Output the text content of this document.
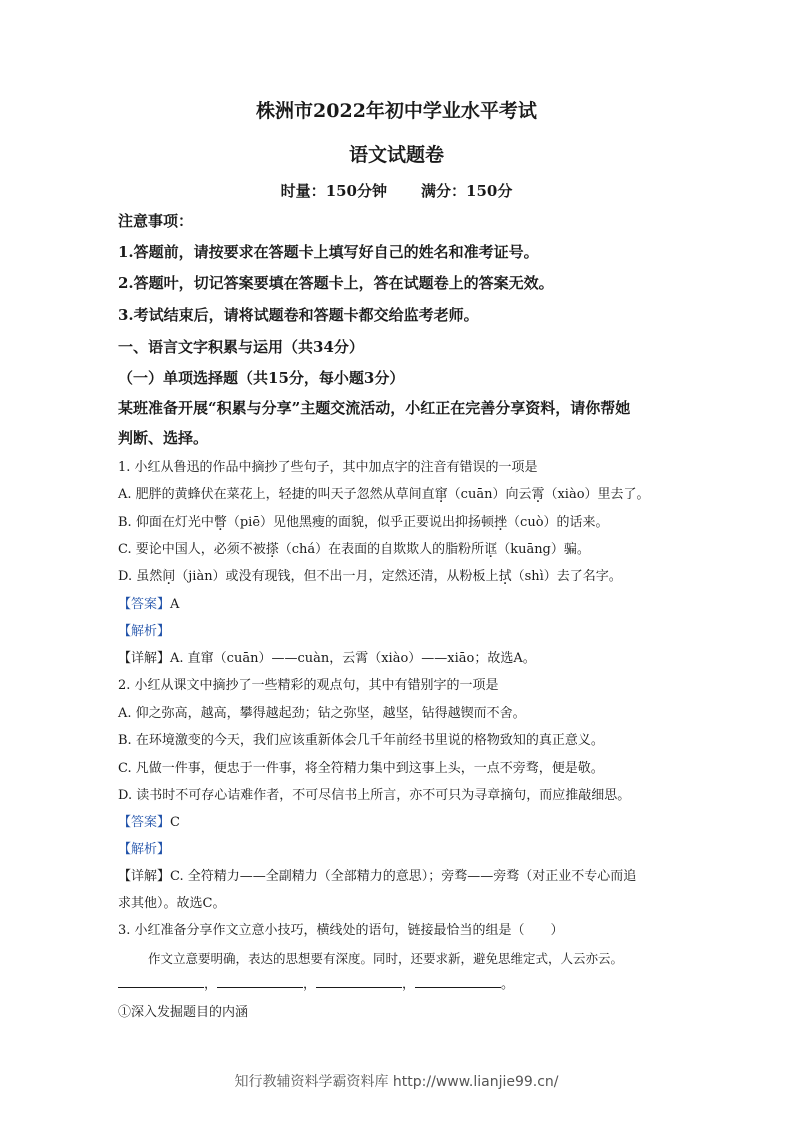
株洲市2022年初中学业水平考试
语文试题卷
时量：150分钟 满分：150分
注意事项：
1.答题前，请按要求在答题卡上填写好自己的姓名和准考证号。
2.答题叶，切记答案要填在答题卡上，答在试题卷上的答案无效。
3.考试结束后，请将试题卷和答题卡都交给监考老师。
一、语言文字积累与运用（共34分）
（一）单项选择题（共15分，每小题3分）
某班准备开展“积累与分享”主题交流活动，小红正在完善分享资料，请你帮她
判断、选择。
1. 小红从鲁迅的作品中摘抄了些句子，其中加点字的注音有错误的一项是
A. 肥胖的黄蜂伏在菜花上，轻捷的叫天子忽然从草间直窜（cuān）向云霄（xiào）里去了。
B. 仰面在灯光中瞥（piē）见他黑瘦的面貌，似乎正要说出抑扬顿挫（cuò）的话来。
C. 要论中国人，必须不被搽（chá）在表面的自欺欺人的脂粉所诓（kuāng）骗。
D. 虽然间（jiàn）或没有现钱，但不出一月，定然还清，从粉板上拭（shì）去了名字。
【答案】A
【解析】
【详解】A. 直窜（cuān）——cuàn，云霄（xiào）——xiāo；故选A。
2. 小红从课文中摘抄了一些精彩的观点句，其中有错别字的一项是
A. 仰之弥高，越高，攀得越起劲；钻之弥坚，越坚，钻得越锲而不舍。
B. 在环境激变的今天，我们应该重新体会几千年前经书里说的格物致知的真正意义。
C. 凡做一件事，便忠于一件事，将全符精力集中到这事上头，一点不旁骛，便是敬。
D. 读书时不可存心诘难作者，不可尽信书上所言，亦不可只为寻章摘句，而应推敲细思。
【答案】C
【解析】
【详解】C. 全符精力——全副精力（全部精力的意思）；旁骛——旁骛（对正业不专心而追
求其他）。故选C。
3. 小红准备分享作文立意小技巧，横线处的语句，链接最恰当的组是（　　）
作文立意要明确，表达的思想要有深度。同时，还要求新，避免思维定式，人云亦云。
，	，	，	。
①深入发掘题目的内涵
知行教辅资料学霸资料库 http://www.lianjie99.cn/
